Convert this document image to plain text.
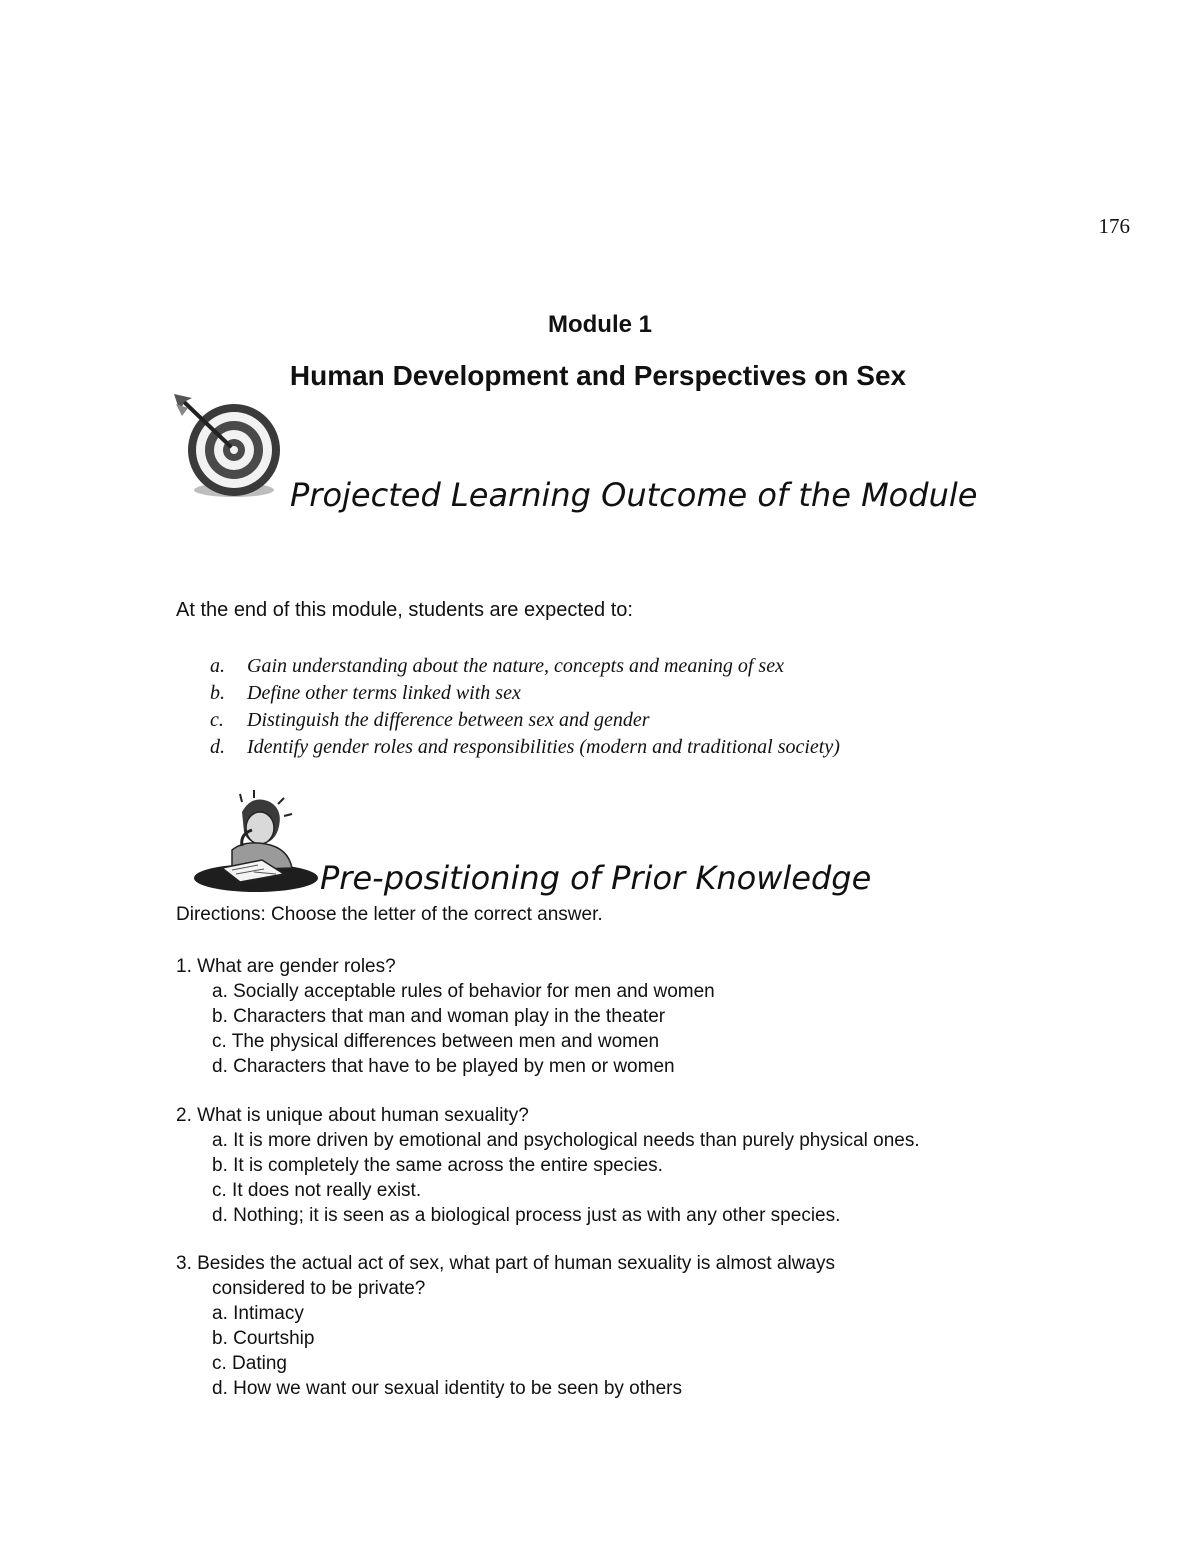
176
Module 1
Human Development and Perspectives on Sex
Projected Learning Outcome of the Module
At the end of this module, students are expected to:
a. Gain understanding about the nature, concepts and meaning of sex
b. Define other terms linked with sex
c. Distinguish the difference between sex and gender
d. Identify gender roles and responsibilities (modern and traditional society)
Pre-positioning of Prior Knowledge
Directions: Choose the letter of the correct answer.
1. What are gender roles?
a. Socially acceptable rules of behavior for men and women
b. Characters that man and woman play in the theater
c. The physical differences between men and women
d. Characters that have to be played by men or women
2. What is unique about human sexuality?
a. It is more driven by emotional and psychological needs than purely physical ones.
b. It is completely the same across the entire species.
c. It does not really exist.
d. Nothing; it is seen as a biological process just as with any other species.
3. Besides the actual act of sex, what part of human sexuality is almost always
considered to be private?
a. Intimacy
b. Courtship
c. Dating
d. How we want our sexual identity to be seen by others
